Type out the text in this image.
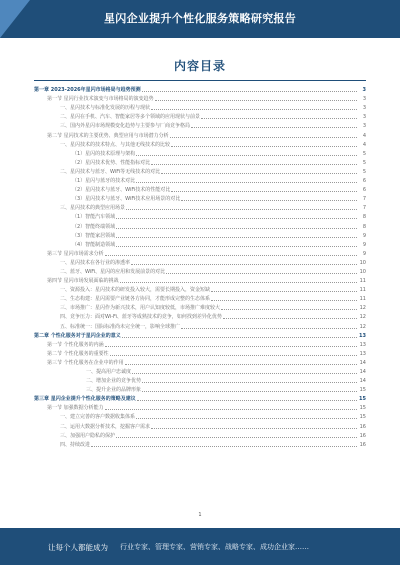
星闪企业提升个性化服务策略研究报告
内容目录
第一章 2023-2026年星闪市场格局与趋势预测	3
第一节 星闪行业技术演变与市场格局的演变趋势	3
一、星闪技术与标准化发展的历程与现状	3
二、星闪在手机、汽车、智能家居等多个领域的应用现状与前景	3
三、国内外星闪市场规模变化趋势与主要参与厂商竞争格局	3
第二节 星闪技术的主要优势、典型应用与市场潜力分析	4
一、星闪技术的技术特点、与其他无线技术的比较	4
（1）星闪的技术原理与架构	5
（2）星闪技术优势、性能指标对比	5
二、星闪技术与蓝牙、WiFi等无线技术的对比	5
（1）星闪与蓝牙的技术对比	6
（2）星闪技术与蓝牙、WiFi技术的性能对比	6
（3）星闪技术与蓝牙、WiFi技术应用场景的对比	7
三、星闪技术的典型应用场景	7
（1）智能汽车领域	8
（2）智能终端领域	8
（3）智能家居领域	9
（4）智能制造领域	9
第三节 星闪市场需求分析	9
一、星闪技术在各行业的渗透率	10
二、蓝牙、WiFi、星闪的应用和发展前景的对比	10
第四节 星闪市场发展面临的挑战	11
一、资源投入：星闪技术的研发投入较大，需要长期投入，资金短缺	11
二、生态构建：星闪需要产业链各方协同，才能形成完整的生态体系	11
三、市场推广：星闪作为新兴技术，用户认知度较低，市场推广难度较大	12
四、竞争压力：面对Wi-Fi、蓝牙等成熟技术的竞争，如何找到差异化优势	12
五、标准统一：国际标准尚未完全统一，影响全球推广	12
第二章 个性化服务对于星闪企业的意义	13
第一节 个性化服务的内涵	13
第二节 个性化服务的重要性	13
第三节 个性化服务在企业中的作用	14
一、提高用户忠诚度	14
二、增加企业的竞争优势	14
三、提升企业的品牌形象	15
第三章 星闪企业提升个性化服务的策略及建议	15
第一节 加强数据分析能力	15
一、建立完善的客户数据收集体系	15
二、运用大数据分析技术，挖掘客户需求	16
三、加强用户隐私的保护	16
四、持续改进	16
1
让每个人都能成为 行业专家、管理专家、营销专家、战略专家、成功企业家……
